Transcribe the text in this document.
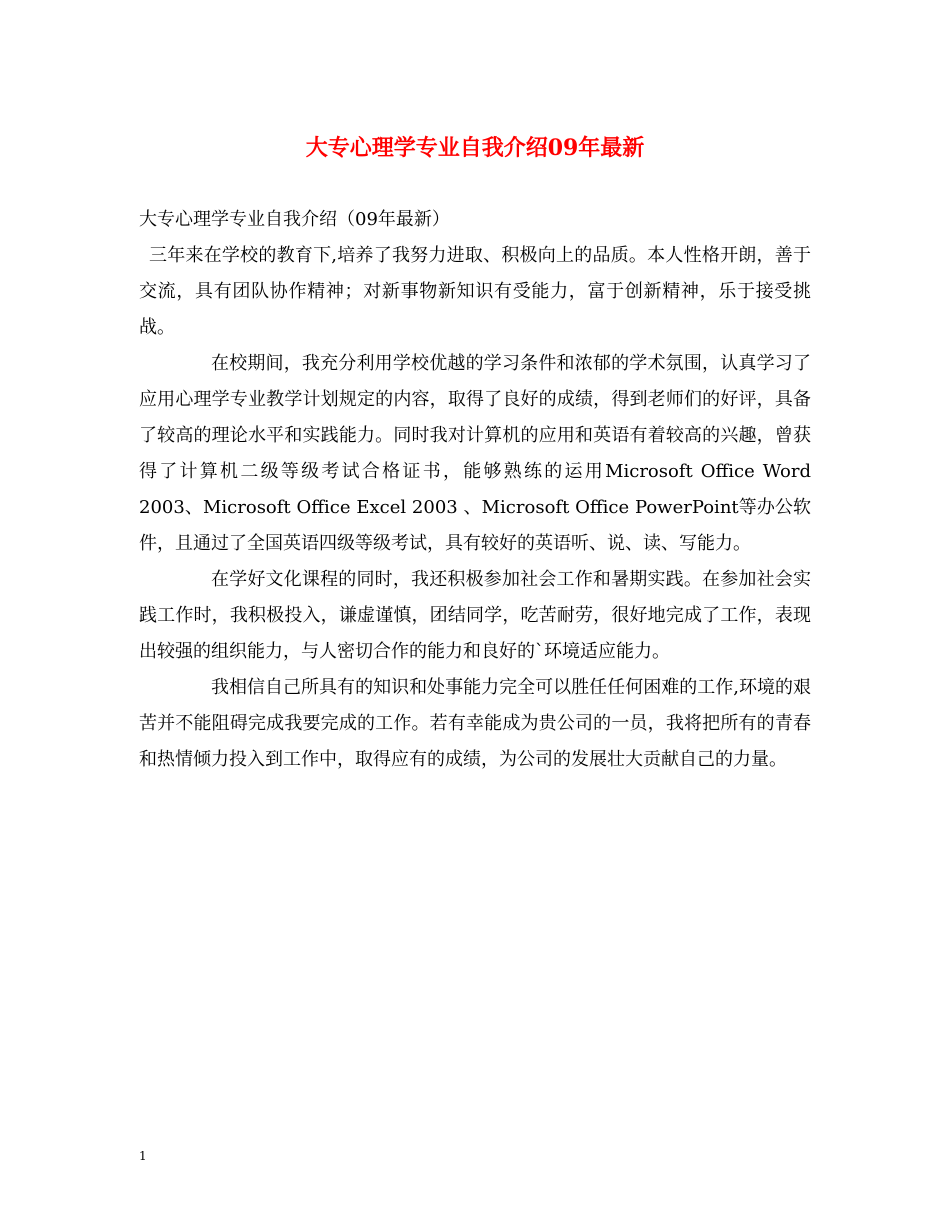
大专心理学专业自我介绍09年最新

大专心理学专业自我介绍（09年最新）

三年来在学校的教育下,培养了我努力进取、积极向上的品质。本人性格开朗，善于交流，具有团队协作精神；对新事物新知识有受能力，富于创新精神，乐于接受挑战。

在校期间，我充分利用学校优越的学习条件和浓郁的学术氛围，认真学习了应用心理学专业教学计划规定的内容，取得了良好的成绩，得到老师们的好评，具备了较高的理论水平和实践能力。同时我对计算机的应用和英语有着较高的兴趣，曾获得了计算机二级等级考试合格证书，能够熟练的运用Microsoft Office Word 2003、Microsoft Office Excel 2003 、Microsoft Office PowerPoint等办公软件，且通过了全国英语四级等级考试，具有较好的英语听、说、读、写能力。

在学好文化课程的同时，我还积极参加社会工作和暑期实践。在参加社会实践工作时，我积极投入，谦虚谨慎，团结同学，吃苦耐劳，很好地完成了工作，表现出较强的组织能力，与人密切合作的能力和良好的`环境适应能力。

我相信自己所具有的知识和处事能力完全可以胜任任何困难的工作,环境的艰苦并不能阻碍完成我要完成的工作。若有幸能成为贵公司的一员，我将把所有的青春和热情倾力投入到工作中，取得应有的成绩，为公司的发展壮大贡献自己的力量。

1
